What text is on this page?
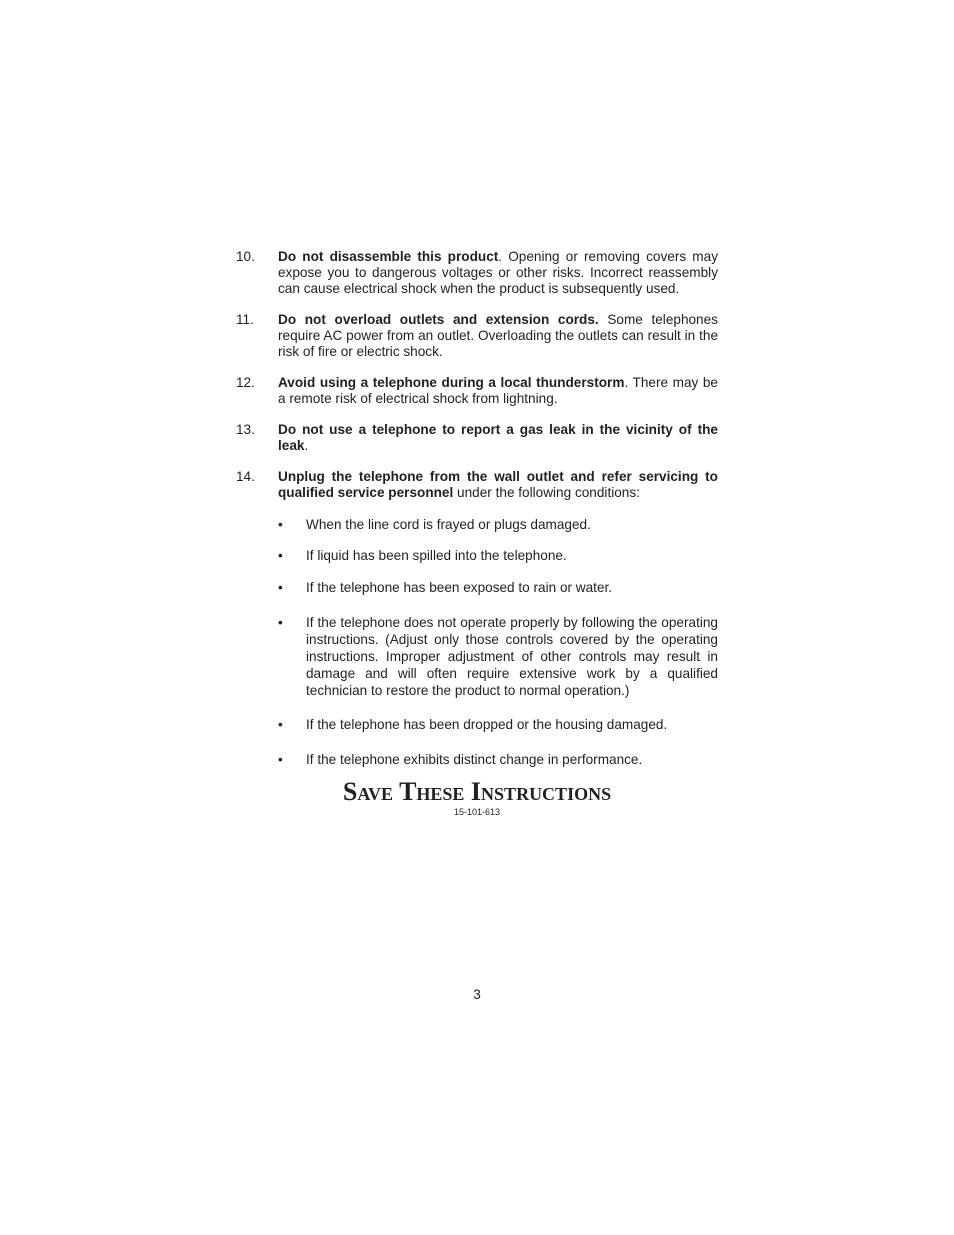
10. Do not disassemble this product. Opening or removing covers may expose you to dangerous voltages or other risks. Incorrect reassembly can cause electrical shock when the product is subsequently used.
11. Do not overload outlets and extension cords. Some telephones require AC power from an outlet. Overloading the outlets can result in the risk of fire or electric shock.
12. Avoid using a telephone during a local thunderstorm. There may be a remote risk of electrical shock from lightning.
13. Do not use a telephone to report a gas leak in the vicinity of the leak.
14. Unplug the telephone from the wall outlet and refer servicing to qualified service personnel under the following conditions:
• When the line cord is frayed or plugs damaged.
• If liquid has been spilled into the telephone.
• If the telephone has been exposed to rain or water.
• If the telephone does not operate properly by following the operating instructions. (Adjust only those controls covered by the operating instructions. Improper adjustment of other controls may result in damage and will often require extensive work by a qualified technician to restore the product to normal operation.)
• If the telephone has been dropped or the housing damaged.
• If the telephone exhibits distinct change in performance.
Save These Instructions
15-101-613
3
